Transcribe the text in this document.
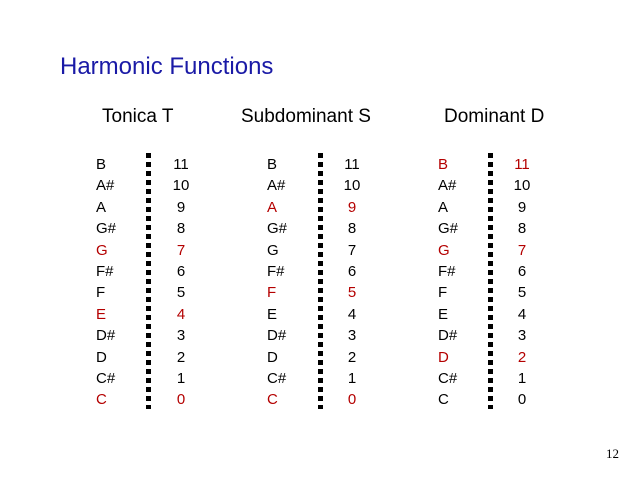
Harmonic Functions
Tonica T
B
A#
A
G#
G
F#
F
E
D#
D
C#
C
11
10
9
8
7
6
5
4
3
2
1
0
Subdominant S
B
A#
A
G#
G
F#
F
E
D#
D
C#
C
11
10
9
8
7
6
5
4
3
2
1
0
Dominant D
B
A#
A
G#
G
F#
F
E
D#
D
C#
C
11
10
9
8
7
6
5
4
3
2
1
0
12
